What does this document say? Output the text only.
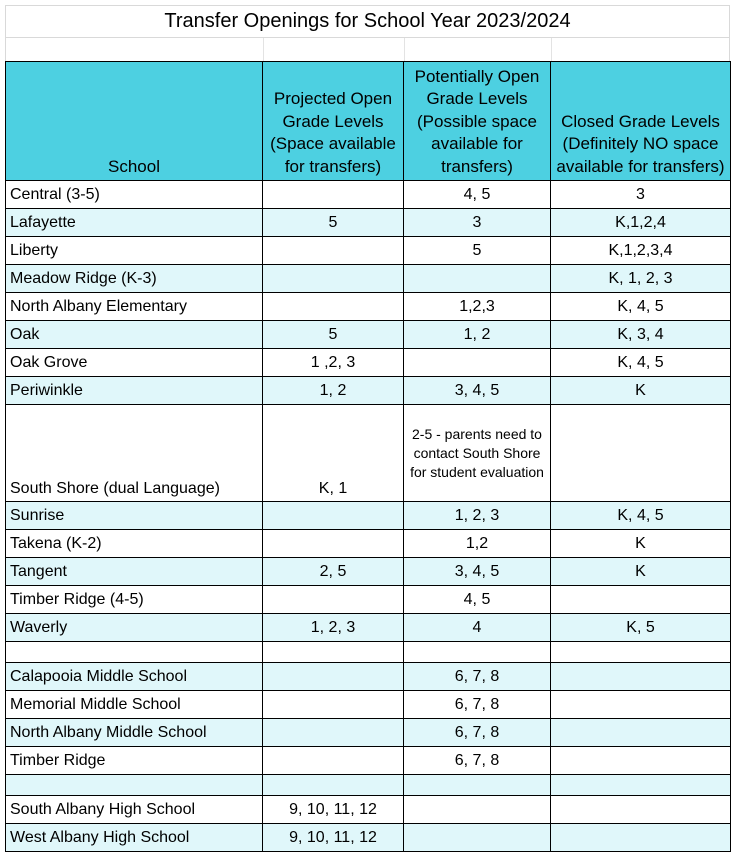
Transfer Openings for School Year 2023/2024
School	Projected Open Grade Levels (Space available for transfers)	Potentially Open Grade Levels (Possible space available for transfers)	Closed Grade Levels (Definitely NO space available for transfers)
Central (3-5)		4, 5	3
Lafayette	5	3	K,1,2,4
Liberty		5	K,1,2,3,4
Meadow Ridge (K-3)			K, 1, 2, 3
North Albany Elementary		1,2,3	K, 4, 5
Oak	5	1, 2	K, 3, 4
Oak Grove	1 ,2, 3		K, 4, 5
Periwinkle	1, 2	3, 4, 5	K
South Shore (dual Language)	K, 1	2-5 - parents need to contact South Shore for student evaluation	
Sunrise		1, 2, 3	K, 4, 5
Takena (K-2)		1,2	K
Tangent	2, 5	3, 4, 5	K
Timber Ridge (4-5)		4, 5	
Waverly	1, 2, 3	4	K, 5

Calapooia Middle School		6, 7, 8	
Memorial Middle School		6, 7, 8	
North Albany Middle School		6, 7, 8	
Timber Ridge		6, 7, 8	

South Albany High School	9, 10, 11, 12		
West Albany High School	9, 10, 11, 12		
